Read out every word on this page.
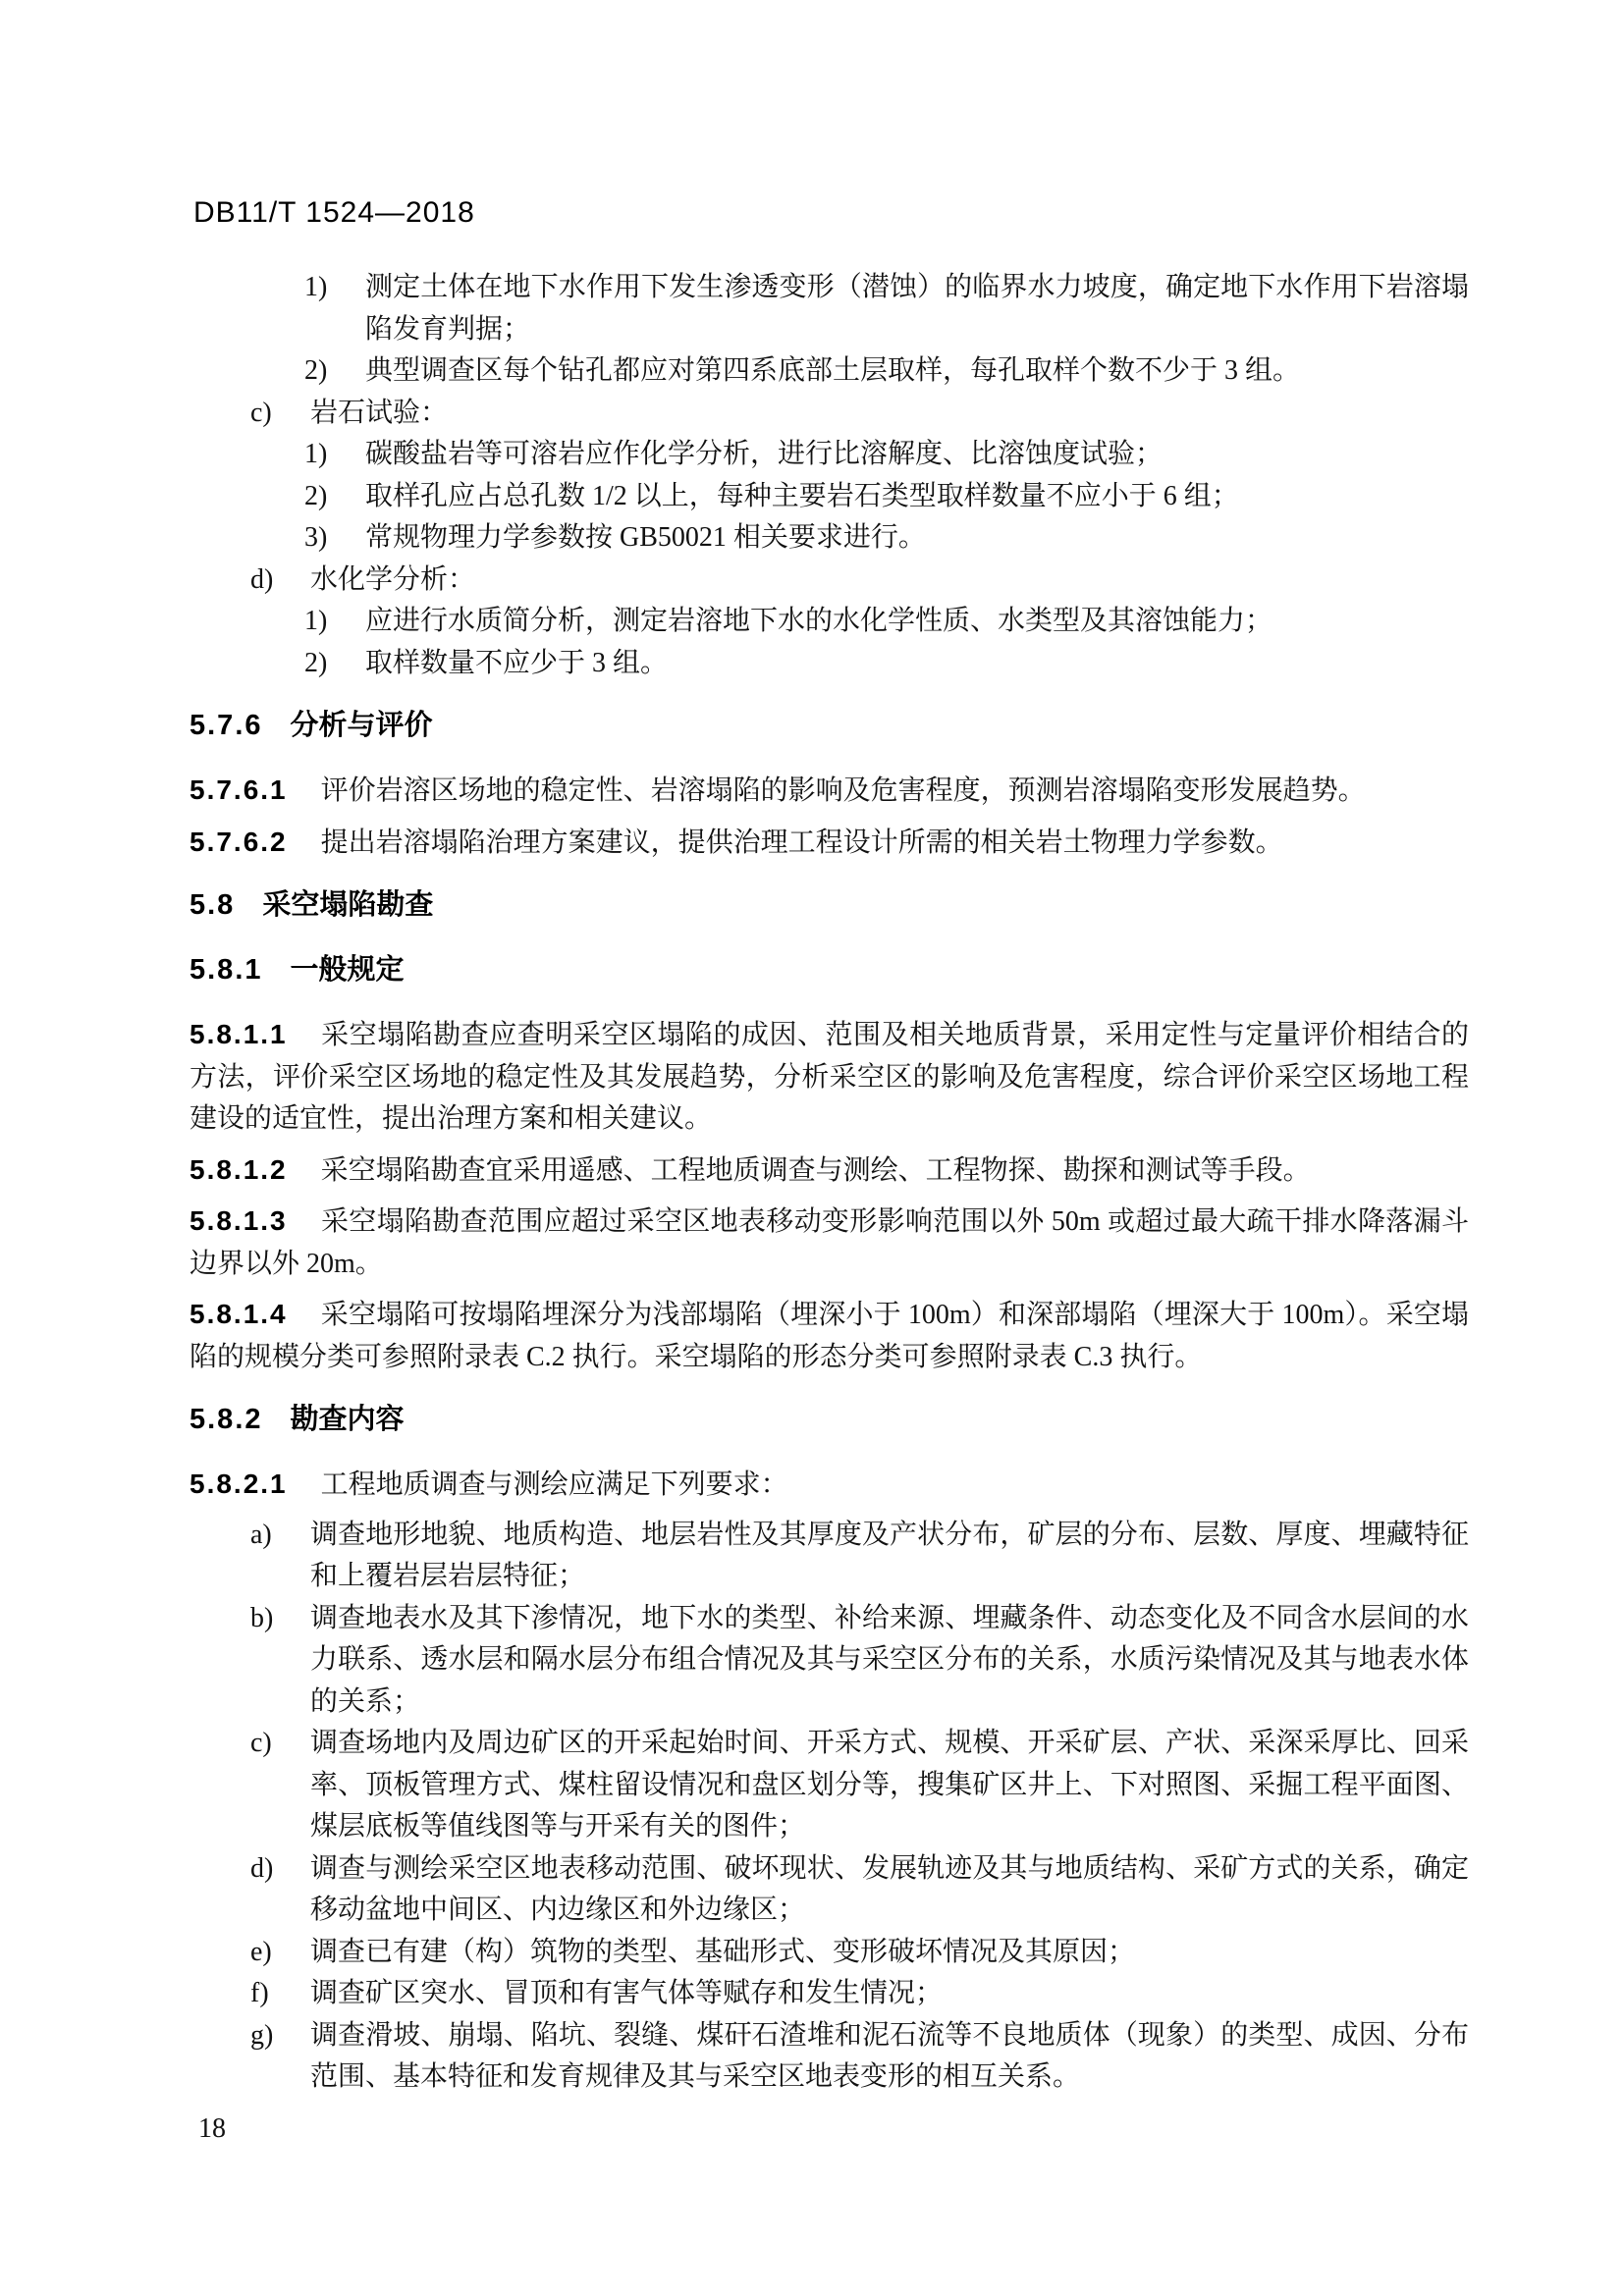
DB11/T 1524—2018
1)	测定土体在地下水作用下发生渗透变形（潜蚀）的临界水力坡度，确定地下水作用下岩溶塌陷发育判据；
2)	典型调查区每个钻孔都应对第四系底部土层取样，每孔取样个数不少于 3 组。
c)	岩石试验：
1)	碳酸盐岩等可溶岩应作化学分析，进行比溶解度、比溶蚀度试验；
2)	取样孔应占总孔数 1/2 以上，每种主要岩石类型取样数量不应小于 6 组；
3)	常规物理力学参数按 GB50021 相关要求进行。
d)	水化学分析：
1)	应进行水质简分析，测定岩溶地下水的水化学性质、水类型及其溶蚀能力；
2)	取样数量不应少于 3 组。
5.7.6 分析与评价

5.7.6.1 评价岩溶区场地的稳定性、岩溶塌陷的影响及危害程度，预测岩溶塌陷变形发展趋势。

5.7.6.2 提出岩溶塌陷治理方案建议，提供治理工程设计所需的相关岩土物理力学参数。

5.8 采空塌陷勘查
5.8.1 一般规定

5.8.1.1 采空塌陷勘查应查明采空区塌陷的成因、范围及相关地质背景，采用定性与定量评价相结合的方法，评价采空区场地的稳定性及其发展趋势，分析采空区的影响及危害程度，综合评价采空区场地工程建设的适宜性，提出治理方案和相关建议。

5.8.1.2 采空塌陷勘查宜采用遥感、工程地质调查与测绘、工程物探、勘探和测试等手段。

5.8.1.3 采空塌陷勘查范围应超过采空区地表移动变形影响范围以外 50m 或超过最大疏干排水降落漏斗边界以外 20m。

5.8.1.4 采空塌陷可按塌陷埋深分为浅部塌陷（埋深小于 100m）和深部塌陷（埋深大于 100m）。采空塌陷的规模分类可参照附录表 C.2 执行。采空塌陷的形态分类可参照附录表 C.3 执行。

5.8.2 勘查内容

5.8.2.1 工程地质调查与测绘应满足下列要求：

a)	调查地形地貌、地质构造、地层岩性及其厚度及产状分布，矿层的分布、层数、厚度、埋藏特征和上覆岩层岩层特征；
b)	调查地表水及其下渗情况，地下水的类型、补给来源、埋藏条件、动态变化及不同含水层间的水力联系、透水层和隔水层分布组合情况及其与采空区分布的关系，水质污染情况及其与地表水体的关系；
c)	调查场地内及周边矿区的开采起始时间、开采方式、规模、开采矿层、产状、采深采厚比、回采率、顶板管理方式、煤柱留设情况和盘区划分等，搜集矿区井上、下对照图、采掘工程平面图、煤层底板等值线图等与开采有关的图件；
d)	调查与测绘采空区地表移动范围、破坏现状、发展轨迹及其与地质结构、采矿方式的关系，确定移动盆地中间区、内边缘区和外边缘区；
e)	调查已有建（构）筑物的类型、基础形式、变形破坏情况及其原因；
f)	调查矿区突水、冒顶和有害气体等赋存和发生情况；
g)	调查滑坡、崩塌、陷坑、裂缝、煤矸石渣堆和泥石流等不良地质体（现象）的类型、成因、分布范围、基本特征和发育规律及其与采空区地表变形的相互关系。
18
